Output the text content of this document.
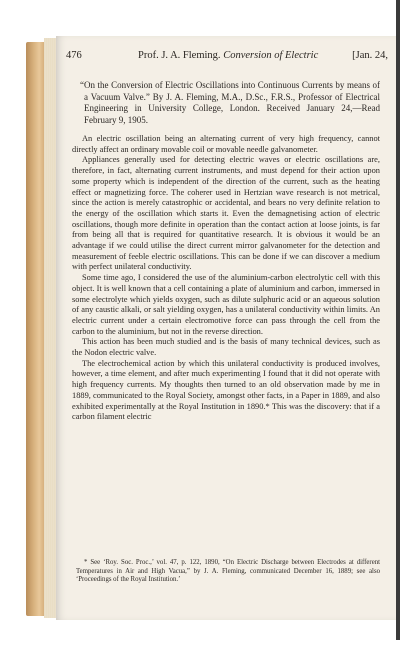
476	Prof. J. A. Fleming. Conversion of Electric	[Jan. 24,

“On the Conversion of Electric Oscillations into Continuous Currents by means of a Vacuum Valve.” By J. A. Fleming, M.A., D.Sc., F.R.S., Professor of Electrical Engineering in University College, London. Received January 24,—Read February 9, 1905.

An electric oscillation being an alternating current of very high frequency, cannot directly affect an ordinary movable coil or movable needle galvanometer.

Appliances generally used for detecting electric waves or electric oscillations are, therefore, in fact, alternating current instruments, and must depend for their action upon some property which is independent of the direction of the current, such as the heating effect or magnetizing force. The coherer used in Hertzian wave research is not metrical, since the action is merely catastrophic or accidental, and bears no very definite relation to the energy of the oscillation which starts it. Even the demagnetising action of electric oscillations, though more definite in operation than the contact action at loose joints, is far from being all that is required for quantitative research. It is obvious it would be an advantage if we could utilise the direct current mirror galvanometer for the detection and measurement of feeble electric oscillations. This can be done if we can discover a medium with perfect unilateral conductivity.

Some time ago, I considered the use of the aluminium-carbon electrolytic cell with this object. It is well known that a cell containing a plate of aluminium and carbon, immersed in some electrolyte which yields oxygen, such as dilute sulphuric acid or an aqueous solution of any caustic alkali, or salt yielding oxygen, has a unilateral conductivity within limits. An electric current under a certain electromotive force can pass through the cell from the carbon to the aluminium, but not in the reverse direction.

This action has been much studied and is the basis of many technical devices, such as the Nodon electric valve.

The electrochemical action by which this unilateral conductivity is produced involves, however, a time element, and after much experimenting I found that it did not operate with high frequency currents. My thoughts then turned to an old observation made by me in 1889, communicated to the Royal Society, amongst other facts, in a Paper in 1889, and also exhibited experimentally at the Royal Institution in 1890.* This was the discovery: that if a carbon filament electric

* See ‘Roy. Soc. Proc.,’ vol. 47, p. 122, 1890, “On Electric Discharge between Electrodes at different Temperatures in Air and High Vacua,” by J. A. Fleming, communicated December 16, 1889; see also ‘Proceedings of the Royal Institution.’
